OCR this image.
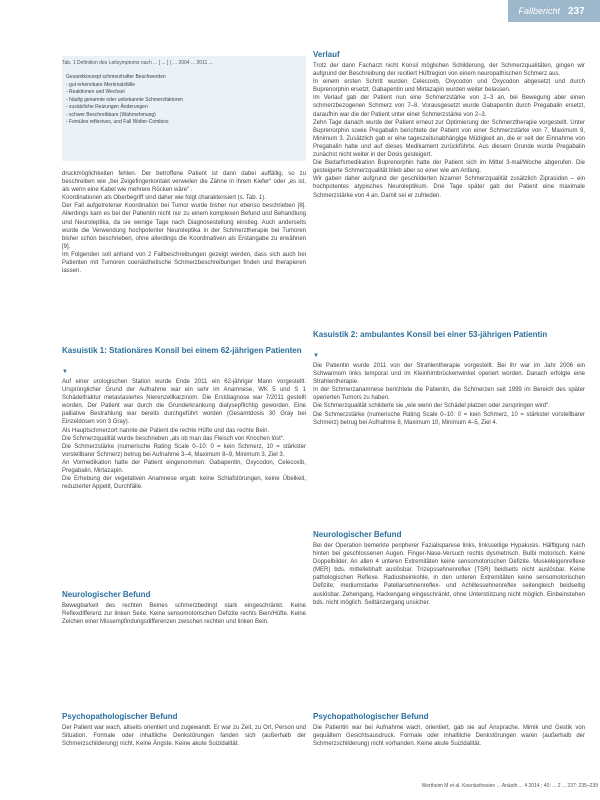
Fallbericht 237
Tab. 1 Definition des Leitsymptoms nach ... [ ... ] ( ... 2004 ... 2011 ...
Gesamtkonzept schmerzhafter Beschwerden
- gut erkennbare Merkmalsfälle
- Reaktionen und Wechsel
- häufig genannte oder unbekannte Schmerzfaktoren
- zusätzliche Reizungen Änderungen
- schwer Beschreibbare (Wahrnehmung)
- Femüles reflexives, und Fall Wolter-Combios

druckmöglichkeiten fehlen. Der betroffene Patient ist dann dabei auffällig, so zu beschreiben wie „bei Zeigefingerkontakt verweilen die Zähne in ihrem Kiefer“ oder „es ist, als wenn eine Kabel wie mehrere Rücken wäre“ .

Koordinationen als Oberbegriff sind daher wie folgt charakterisiert (s. Tab. 1).

Der Fall aufgetretener Koordination bei Tumor wurde bisher nur ebenso beschrieben [8]. Allerdings kam es bei der Patientin nicht nur zu einem komplexen Befund und Behandlung und Neuroleptika, da sie wenige Tage nach Diagnosestellung einstieg. Auch anderseits wurde die Verwendung hochpotenter Neuroleptika in der Schmerztherapie bei Tumoren bisher schon beschrieben, ohne allerdings die Koordinativen als Erstangabe zu erwähnen [9].

Im Folgenden soll anhand von 2 Fallbeschreibungen gezeigt werden, dass sich auch bei Patienten mit Tumoren coenästhetische Schmerzbeschreibungen finden und therapieren lassen.

Kasuistik 1: Stationäres Konsil bei einem 62-jährigen Patienten
▼

Auf einer urologischen Station wurde Ende 2011 ein 62-jähriger Mann vorgestellt. Ursprünglicher Grund der Aufnahme war ein sehr im Anamnese, WK 5 und S 1 Schädelfraktur metastasiertes Nierenzellkarzinom. Die Erstdiagnose war 7/2011 gestellt worden. Der Patient war durch die Grunderkrankung dialysepflichtig geworden. Eine palliative Bestrahlung war bereits durchgeführt worden (Gesamtdosis 30 Gray bei Einzeldosen von 3 Gray).

Als Hauptschmerzort nannte der Patient die rechte Hüfte und das rechte Bein.

Die Schmerzqualität wurde beschrieben „als ob man das Fleisch von Knochen löst“.

Die Schmerzstärke (numerische Rating Scale 0–10: 0 = kein Schmerz, 10 = stärkster vorstellbarer Schmerz) betrug bei Aufnahme 3–4, Maximum 8–9, Minimum 3, Ziel 3.

An Vormedikation hatte der Patient eingenommen: Gabapentin, Oxycodon, Celecoxib, Pregabalin, Mirtazapin.

Die Erhebung der vegetativen Anamnese ergab: keine Schlafstörungen, keine Übelkeit, reduzierter Appetit, Durchfälle.

Neurologischer Befund

Bewegbarkeit des rechten Beines schmerzbedingt stark eingeschränkt. Keine Reflexdifferenz zur linken Seite. Keine sensomotorischen Defizite rechts Bein/Hüfte. Keine Zeichen einer Missempfindungsdifferenzen zwischen rechten und linken Bein.

Psychopathologischer Befund

Der Patient war wach, allseits orientiert und zugewandt. Er war zu Zeit, zu Ort, Person und Situation. Formale oder inhaltliche Denkstörungen fanden sich (außerhalb der Schmerzschilderung) nicht. Keine Ängste. Keine akute Suizidalität.

Verlauf

Trotz der dann Facharzt nicht Konsil möglichen Schilderung, der Schmerzqualitäten, gingen wir aufgrund der Beschreibung der recitiert Hüftregion von einem neuropathischen Schmerz aus.

In einem ersten Schritt wurden Celecoxib, Oxycodon und Oxycodon abgesetzt und durch Buprenorphin ersetzt. Gabapentin und Mirtazapin wurden weiter belassen.

Im Verlauf gab der Patient nun eine Schmerzstärke von 2–3 an, bei Bewegung aber einen schmerzbezogenen Schmerz von 7–8. Vorausgesetzt wurde Gabapentin durch Pregabalin ersetzt, daraufhin war die der Patient unter einer Schmerzstärke von 2–3.

Zehn Tage danach wurde der Patient erneut zur Optimierung der Schmerztherapie vorgestellt. Unter Buprenorphin sowie Pregabalin berichtete der Patient von einer Schmerzstärke von 7, Maximum 9, Minimum 3. Zusätzlich gab er eine tageszeitunabhängige Müdigkeit an, die er seit der Einnahme von Pregabalin habe und auf dieses Medikament zurückführte. Aus diesem Grunde wurde Pregabalin zunächst nicht weiter in der Dosis gesteigert.

Die Bedarfsmedikation Buprenorphin hatte der Patient sich im Mittel 3-mal/Woche abgerufen. Die gesteigerte Schmerzqualität blieb aber so einer wie am Anfang.

Wir gaben daher aufgrund der geschilderten bizarren Schmerzqualität zusätzlich Ziprasidon – ein hochpotentes atypisches Neuroleptikum. Drei Tage später gab der Patient eine maximale Schmerzstärke von 4 an. Damit sei er zufrieden.

Kasuistik 2: ambulantes Konsil bei einer 53-jährigen Patientin
▼

Die Patientin wurde 2011 von der Strahlentherapie vorgestellt. Bei ihr war im Jahr 2006 ein Schwannom links temporal und im Kleinhirnbrückenwinkel operiert worden. Danach erfolgte eine Strahlentherapie.

In der Schmerzanamnese berichtete die Patientin, die Schmerzen seit 1999 im Bereich des später operierten Tumors zu haben.

Die Schmerzqualität schilderte sie „wie wenn der Schädel platzen oder zerspringen wird“.

Die Schmerzstärke (numerische Rating Scale 0–10: 0 = kein Schmerz, 10 = stärkster vorstellbarer Schmerz) betrug bei Aufnahme 8, Maximum 10, Minimum 4–5, Ziel 4.

Neurologischer Befund

Bei der Operation bemerkte peripherer Fazialisparese links, linksseitige Hypakusis. Hälftigung nach hinten bei geschlossenen Augen. Finger-Nase-Versuch rechts dysmetrisch. Bulbi motorisch. Keine Doppelbilder. An allen 4 unteren Extremitäten keine sensomotorischen Defizite. Muskeleigenreflexe (MER) bds. mittellebhaft auslösbar. Trizepssehnenreflex (TSR) beidseits nicht auslösbar. Keine pathologischen Reflexe. Radiusbeinkohle, in den unteren Extremitäten keine sensomotorischen Defizite; mediumstarke Patellarsehnenreflex- und Achillessehnenreflex seitengleich beidseitig auslösbar. Zehengang, Hackengang eingeschränkt, ohne Unterstützung nicht möglich. Einbeinstehen bds. nicht möglich. Seiltänzergang unsicher.

Psychopathologischer Befund

Die Patientin war bei Aufnahme wach, orientiert, gab sie auf Ansprache. Mimik und Gestik von gequältem Gesichtsausdruck. Formale oder inhaltliche Denkstörungen waren (außerhalb der Schmerzschilderung) nicht vorhanden. Keine akute Suizidalität.

Wertheim M et al. Koenästhesien ... Anästh ... 4 2014 ; 40: ... 2 ... 237: 235–239
